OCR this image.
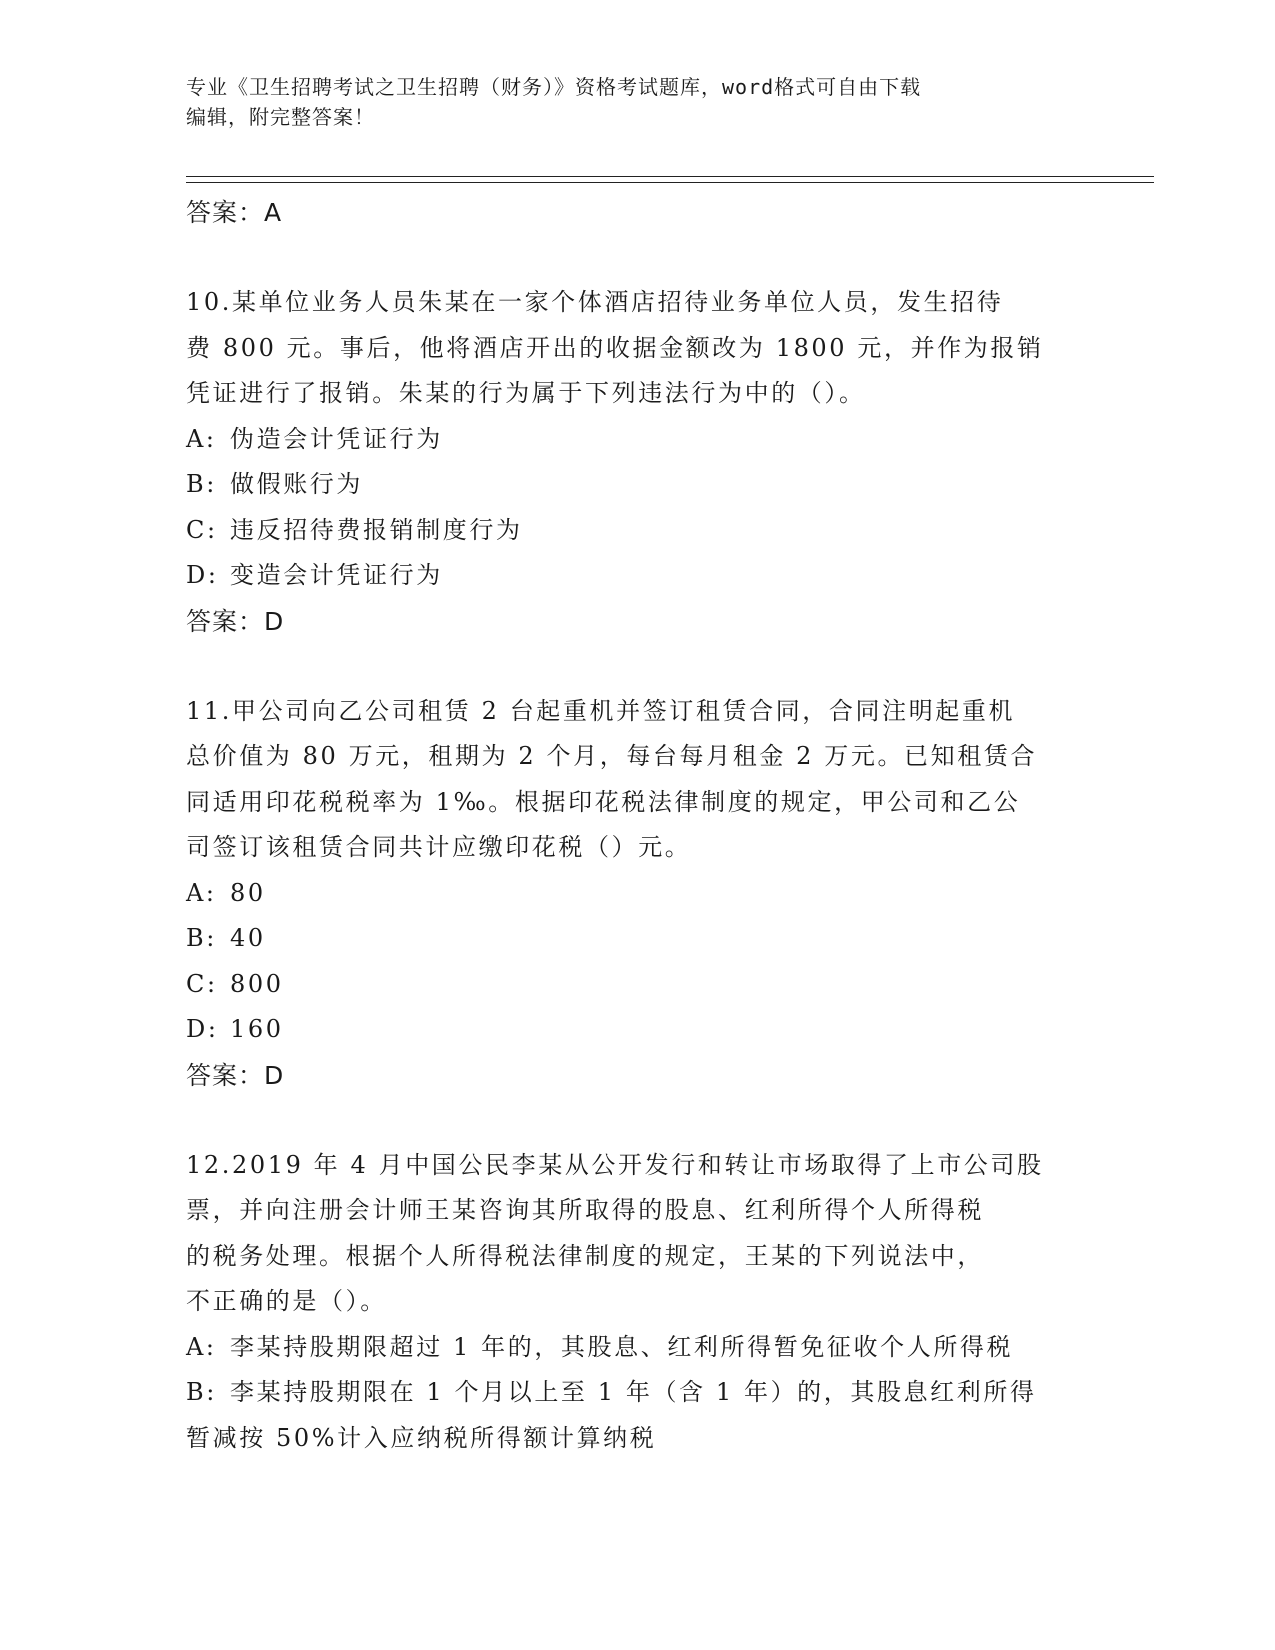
专业《卫生招聘考试之卫生招聘（财务）》资格考试题库，word格式可自由下载
编辑，附完整答案！
答案：A
10.某单位业务人员朱某在一家个体酒店招待业务单位人员，发生招待
费 800 元。事后，他将酒店开出的收据金额改为 1800 元，并作为报销
凭证进行了报销。朱某的行为属于下列违法行为中的（）。
A: 伪造会计凭证行为
B: 做假账行为
C: 违反招待费报销制度行为
D: 变造会计凭证行为
答案：D
11.甲公司向乙公司租赁 2 台起重机并签订租赁合同，合同注明起重机
总价值为 80 万元，租期为 2 个月，每台每月租金 2 万元。已知租赁合
同适用印花税税率为 1‰。根据印花税法律制度的规定，甲公司和乙公
司签订该租赁合同共计应缴印花税（）元。
A: 80
B: 40
C: 800
D: 160
答案：D
12.2019 年 4 月中国公民李某从公开发行和转让市场取得了上市公司股
票，并向注册会计师王某咨询其所取得的股息、红利所得个人所得税
的税务处理。根据个人所得税法律制度的规定，王某的下列说法中，
不正确的是（）。
A: 李某持股期限超过 1 年的，其股息、红利所得暂免征收个人所得税
B: 李某持股期限在 1 个月以上至 1 年（含 1 年）的，其股息红利所得
暂减按 50%计入应纳税所得额计算纳税
